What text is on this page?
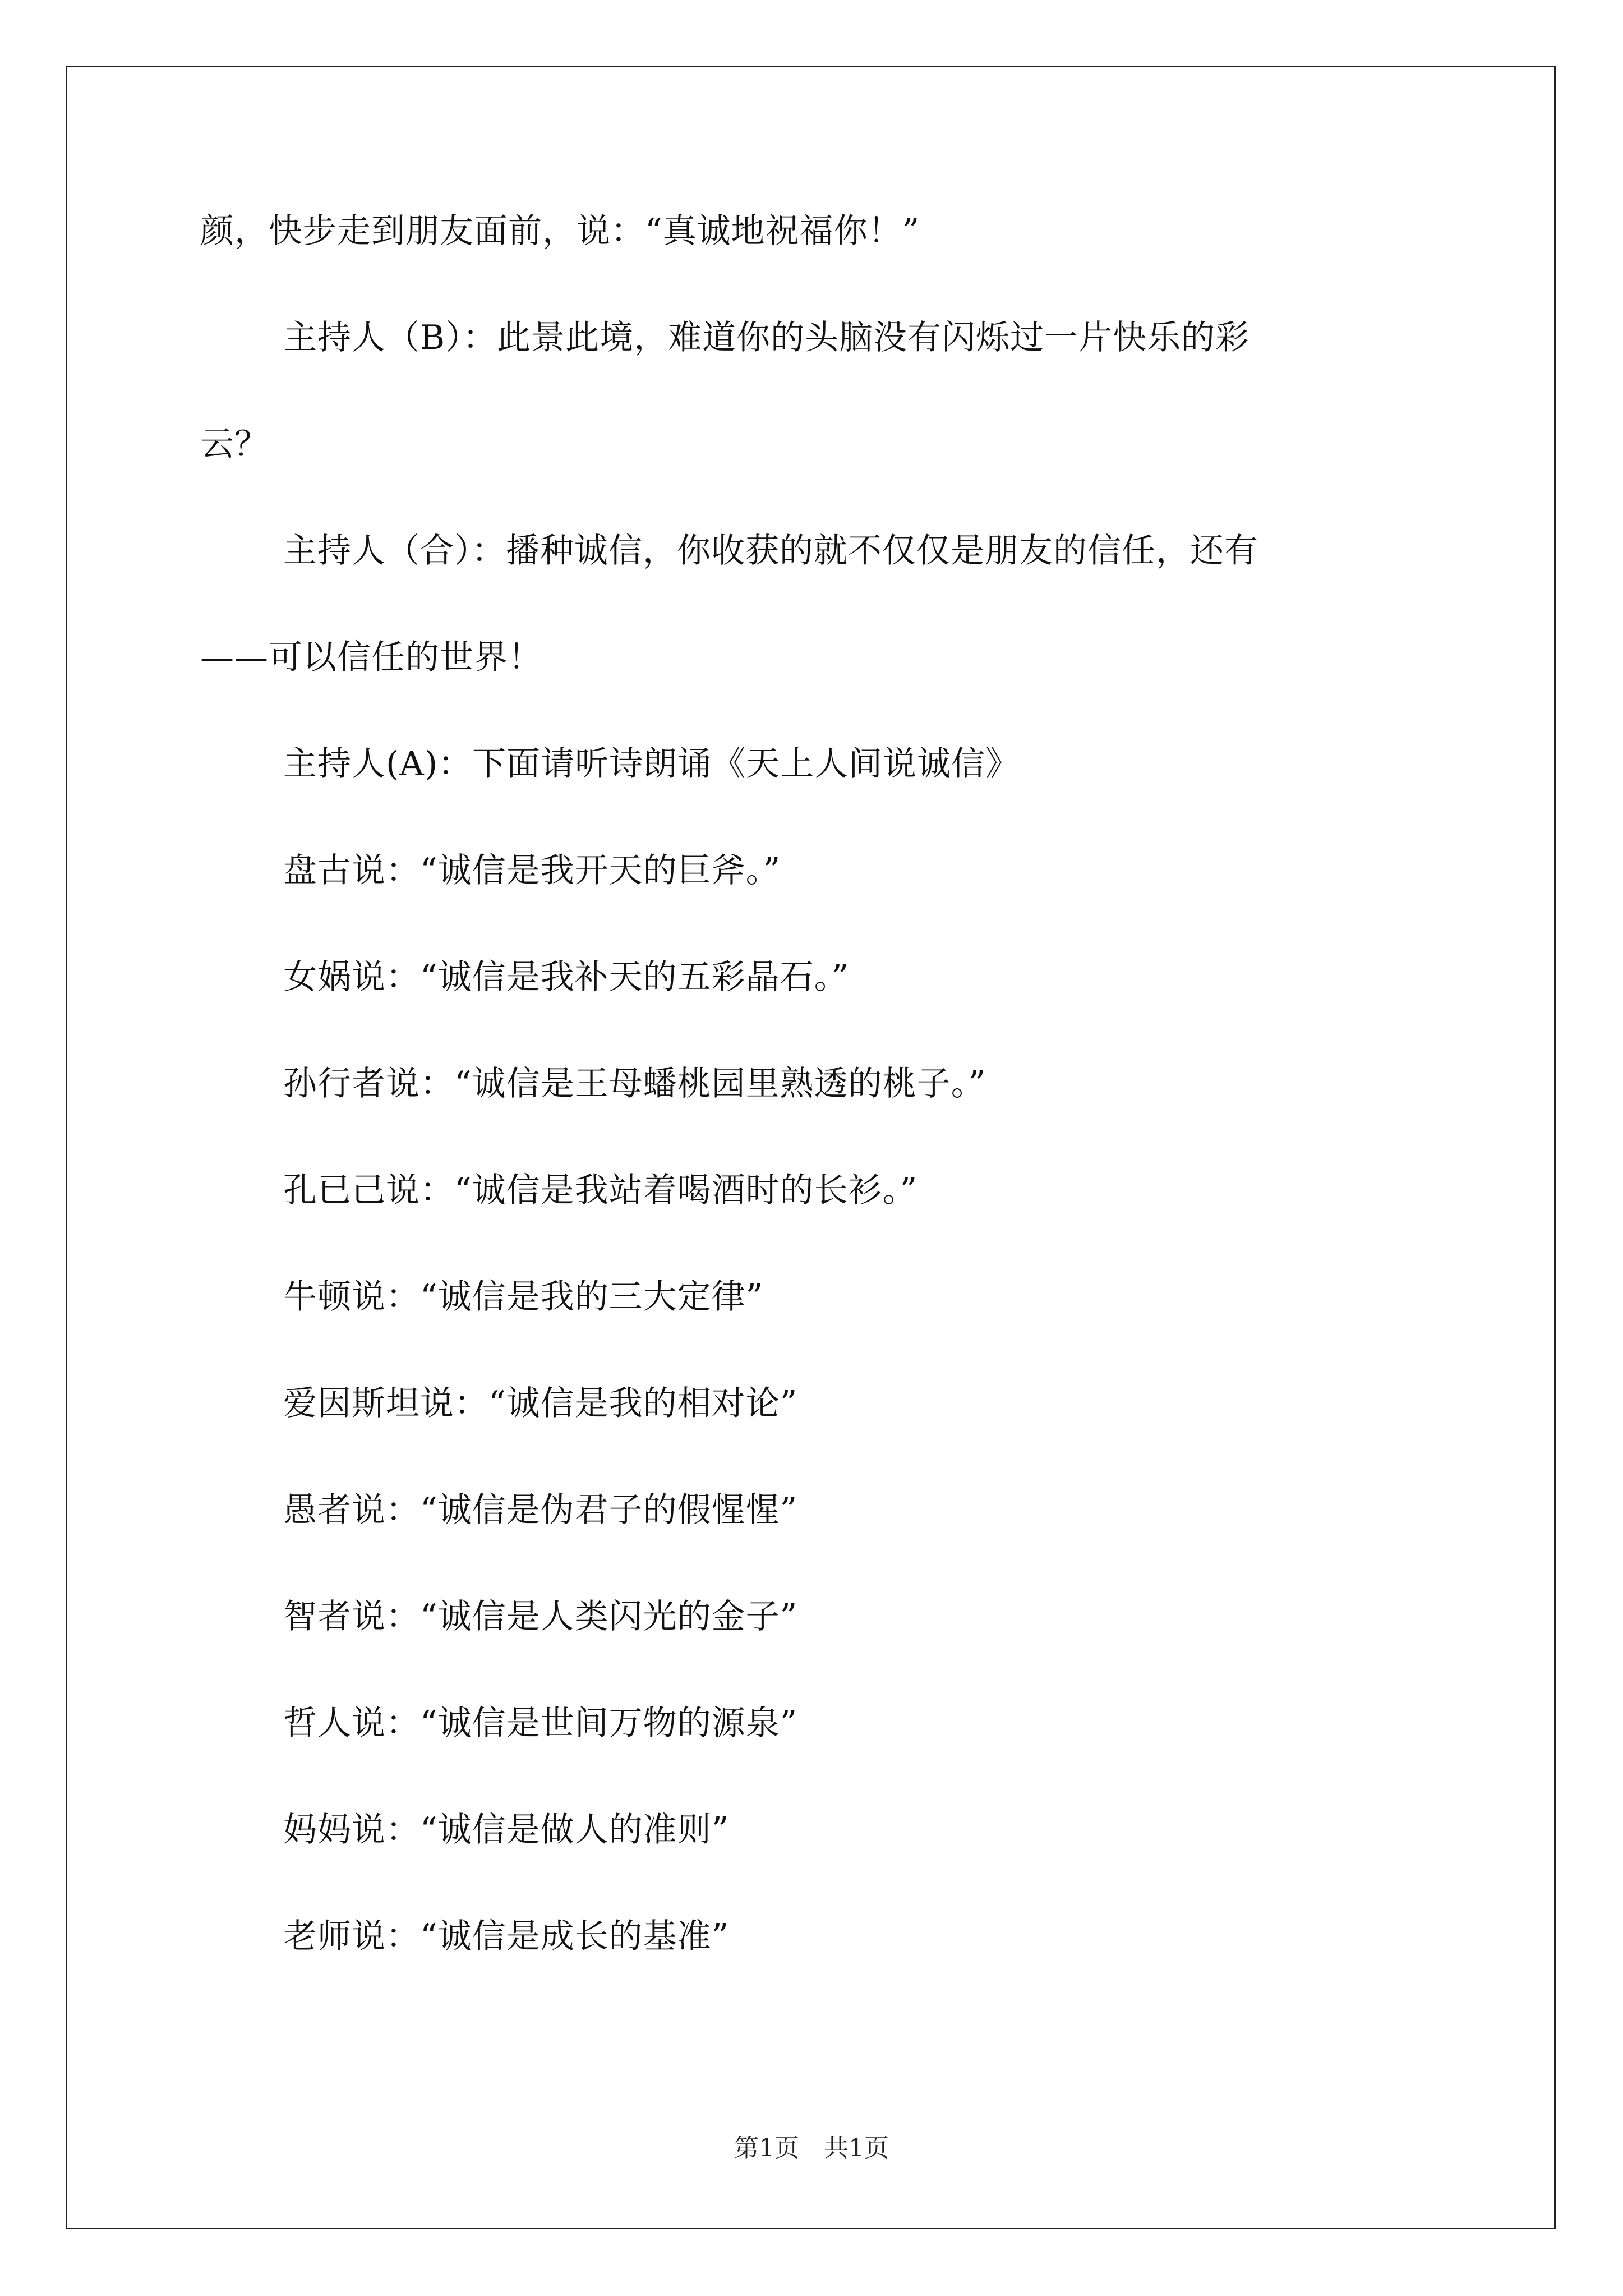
颜，快步走到朋友面前，说：“真诚地祝福你！”
主持人（B）：此景此境，难道你的头脑没有闪烁过一片快乐的彩
云？
主持人（合）：播种诚信，你收获的就不仅仅是朋友的信任，还有
——可以信任的世界！
主持人(A)：下面请听诗朗诵《天上人间说诚信》
盘古说：“诚信是我开天的巨斧。”
女娲说：“诚信是我补天的五彩晶石。”
孙行者说：“诚信是王母蟠桃园里熟透的桃子。”
孔已己说：“诚信是我站着喝酒时的长衫。”
牛顿说：“诚信是我的三大定律”
爱因斯坦说：“诚信是我的相对论”
愚者说：“诚信是伪君子的假惺惺”
智者说：“诚信是人类闪光的金子”
哲人说：“诚信是世间万物的源泉”
妈妈说：“诚信是做人的准则”
老师说：“诚信是成长的基准”
第1页　共1页
